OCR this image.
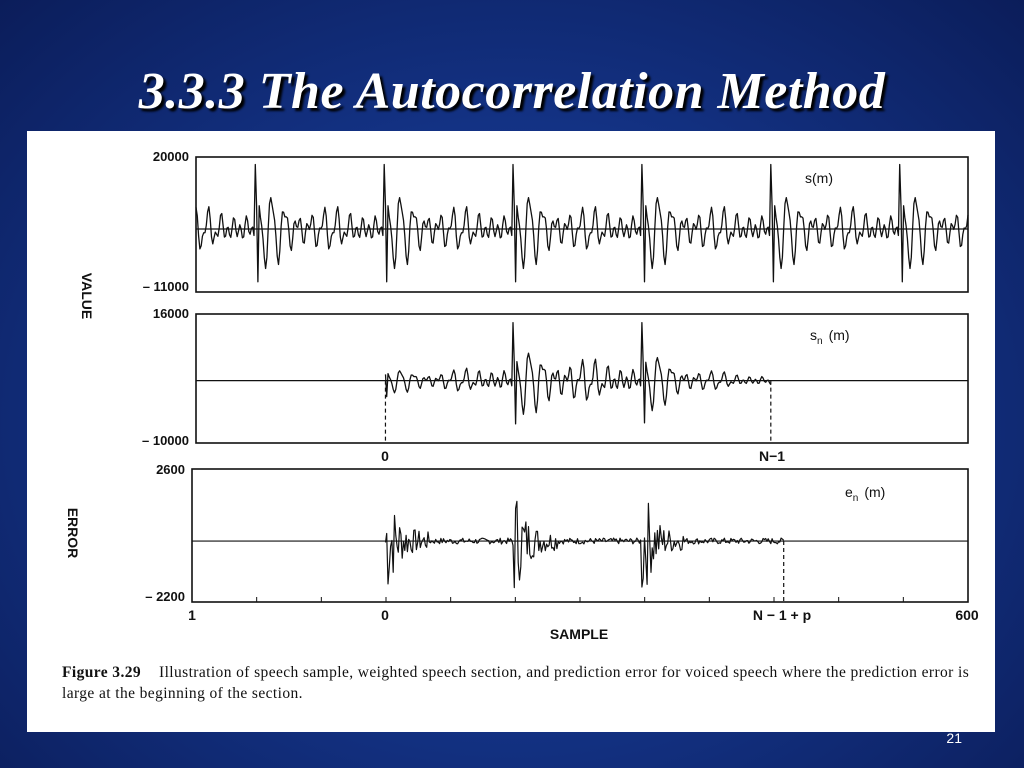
3.3.3 The Autocorrelation Method
20000
– 11000
16000
– 10000
2600
– 2200
VALUE
ERROR
s(m)
$s_n$ (m)
$e_n$ (m)
0	N−1
1	0	N − 1 + p	600
SAMPLE
Figure 3.29 Illustration of speech sample, weighted speech section, and prediction error for voiced speech where the prediction error is large at the beginning of the section.
21
